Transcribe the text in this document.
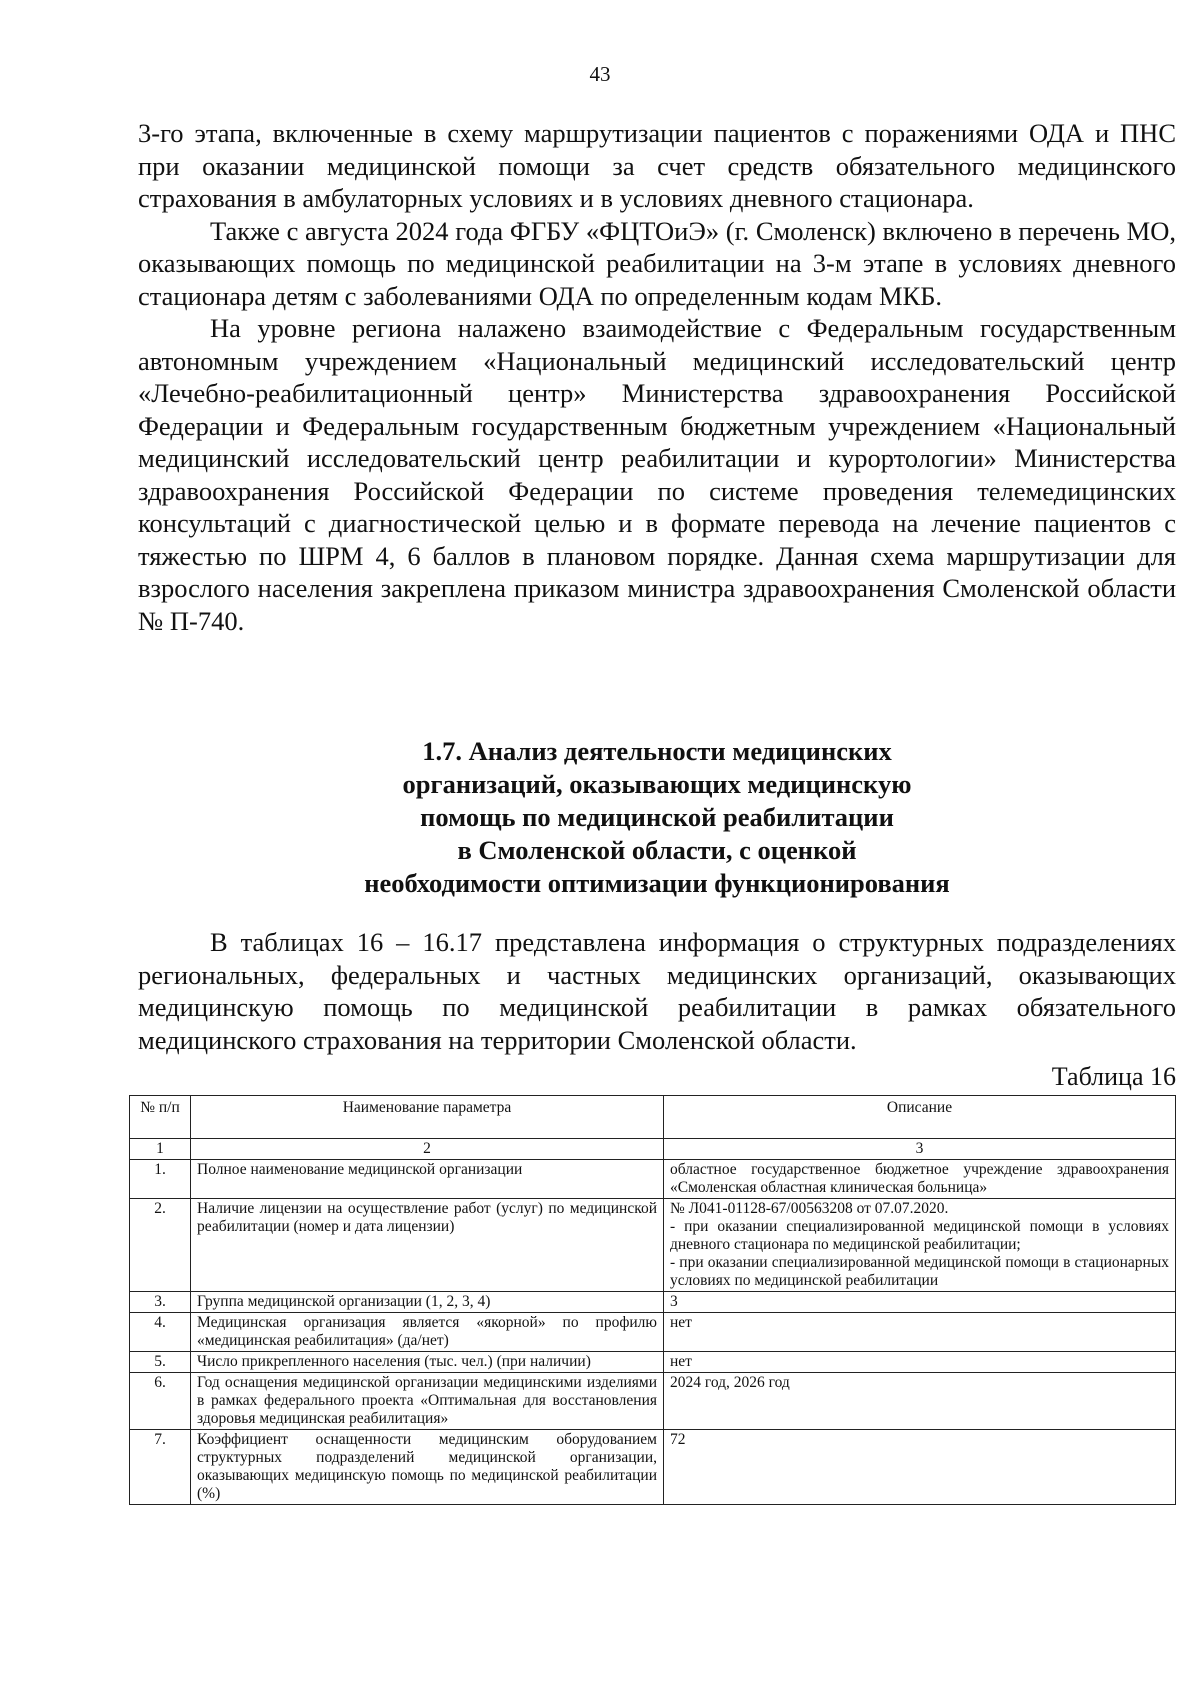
43

3-го этапа, включенные в схему маршрутизации пациентов с поражениями ОДА и ПНС при оказании медицинской помощи за счет средств обязательного медицинского страхования в амбулаторных условиях и в условиях дневного стационара.

Также с августа 2024 года ФГБУ «ФЦТОиЭ» (г. Смоленск) включено в перечень МО, оказывающих помощь по медицинской реабилитации на 3-м этапе в условиях дневного стационара детям с заболеваниями ОДА по определенным кодам МКБ.

На уровне региона налажено взаимодействие с Федеральным государственным автономным учреждением «Национальный медицинский исследовательский центр «Лечебно-реабилитационный центр» Министерства здравоохранения Российской Федерации и Федеральным государственным бюджетным учреждением «Национальный медицинский исследовательский центр реабилитации и курортологии» Министерства здравоохранения Российской Федерации по системе проведения телемедицинских консультаций с диагностической целью и в формате перевода на лечение пациентов с тяжестью по ШРМ 4, 6 баллов в плановом порядке. Данная схема маршрутизации для взрослого населения закреплена приказом министра здравоохранения Смоленской области № П-740.

1.7. Анализ деятельности медицинских
организаций, оказывающих медицинскую
помощь по медицинской реабилитации
в Смоленской области, с оценкой
необходимости оптимизации функционирования

В таблицах 16 – 16.17 представлена информация о структурных подразделениях региональных, федеральных и частных медицинских организаций, оказывающих медицинскую помощь по медицинской реабилитации в рамках обязательного медицинского страхования на территории Смоленской области.

Таблица 16
№ п/п	Наименование параметра	Описание
1	2	3
1.	Полное наименование медицинской организации	областное государственное бюджетное учреждение здравоохранения «Смоленская областная клиническая больница»

2.	Наличие лицензии на осуществление работ (услуг) по медицинской реабилитации (номер и дата лицензии)	№ Л041-01128-67/00563208 от 07.07.2020.
- при оказании специализированной медицинской помощи в условиях дневного стационара по медицинской реабилитации;
- при оказании специализированной медицинской помощи в стационарных условиях по медицинской реабилитации

3.	Группа медицинской организации (1, 2, 3, 4)	3

4.	Медицинская организация является «якорной» по профилю «медицинская реабилитация» (да/нет)	нет

5.	Число прикрепленного населения (тыс. чел.) (при наличии)	нет

6.	Год оснащения медицинской организации медицинскими изделиями в рамках федерального проекта «Оптимальная для восстановления здоровья медицинская реабилитация»	2024 год, 2026 год

7.	Коэффициент оснащенности медицинским оборудованием структурных подразделений медицинской организации, оказывающих медицинскую помощь по медицинской реабилитации (%)	72
